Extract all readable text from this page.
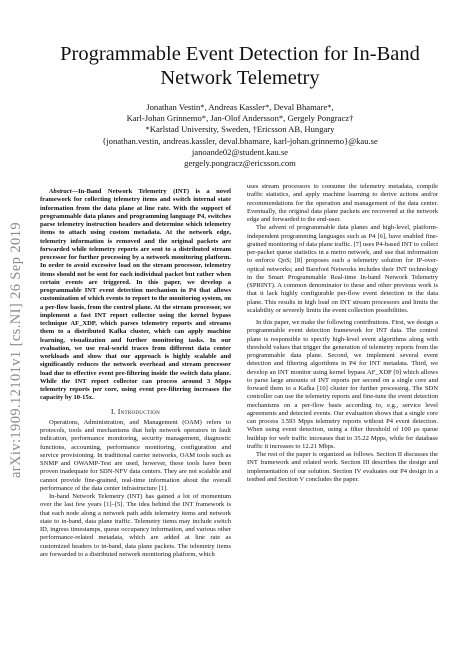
arXiv:1909.12101v1 [cs.NI] 26 Sep 2019
Programmable Event Detection for In-Band
Network Telemetry
Jonathan Vestin*, Andreas Kassler*, Deval Bhamare*,
Karl-Johan Grinnemo*, Jan-Olof Andersson*, Gergely Pongracz†
*Karlstad University, Sweden, †Ericsson AB, Hungary
{jonathan.vestin, andreas.kassler, deval.bhamare, karl-johan.grinnemo}@kau.se
janoande02@student.kau.se
gergely.pongracz@ericsson.com

Abstract—In-Band Network Telemetry (INT) is a novel framework for collecting telemetry items and switch internal state information from the data plane at line rate. With the support of programmable data planes and programming language P4, switches parse telemetry instruction headers and determine which telemetry items to attach using custom metadata. At the network edge, telemetry information is removed and the original packets are forwarded while telemetry reports are sent to a distributed stream processor for further processing by a network monitoring platform. In order to avoid excessive load on the stream processor, telemetry items should not be sent for each individual packet but rather when certain events are triggered. In this paper, we develop a programmable INT event detection mechanism in P4 that allows customization of which events to report to the monitoring system, on a per-flow basis, from the control plane. At the stream processor, we implement a fast INT report collector using the kernel bypass technique AF_XDP, which parses telemetry reports and streams them to a distributed Kafka cluster, which can apply machine learning, visualization and further monitoring tasks. In our evaluation, we use real-world traces from different data center workloads and show that our approach is highly scalable and significantly reduces the network overhead and stream processor load due to effective event pre-filtering inside the switch data plane. While the INT report collector can process around 3 Mpps telemetry reports per core, using event pre-filtering increases the capacity by 10-15x.

I. Introduction

Operations, Administration, and Management (OAM) refers to protocols, tools and mechanisms that help network operators in fault indication, performance monitoring, security management, diagnostic functions, accounting, performance monitoring, configuration and service provisioning. In traditional carrier networks, OAM tools such as SNMP and OWAMP-Test are used, however, these tools have been proven inadequate for SDN-NFV data centers. They are not scalable and cannot provide fine-grained, real-time information about the overall performance of the data center infrastructure [1].

In-band Network Telemetry (INT) has gained a lot of momentum over the last few years [1]–[5]. The idea behind the INT framework is that each node along a network path adds telemetry items and network state to in-band, data plane traffic. Telemetry items may include switch ID, ingress timestamps, queue occupancy information, and various other performance-related metadata, which are added at line rate as customized headers to in-band, data plane packets. The telemetry items are forwarded to a distributed network monitoring platform, which

uses stream processors to consume the telemetry metadata, compile traffic statistics, and apply machine learning to derive actions and/or recommendations for the operation and management of the data center. Eventually, the original data plane packets are recovered at the network edge and forwarded to the end-user.

The advent of programmable data planes and high-level, platform-independent programming languages such as P4 [6], have enabled fine-grained monitoring of data plane traffic. [7] uses P4-based INT to collect per-packet queue statistics in a metro network, and use that information to enforce QoS; [8] proposes such a telemetry solution for IP-over-optical networks; and Barefoot Networks includes their INT technology in the Smart Programmable Real-time In-band Network Telemetry (SPRINT). A common denominator to these and other previous work is that it lack highly configurable per-flow event detection in the data plane. This results in high load on INT stream processors and limits the scalability or severely limits the event collection possibilities.

In this paper, we make the following contributions. First, we design a programmable event detection framework for INT data. The control plane is responsible to specify high-level event algorithms along with threshold values that trigger the generation of telemetry reports from the programmable data plane. Second, we implement several event detection and filtering algorithms in P4 for INT metadata. Third, we develop an INT monitor using kernel bypass AF_XDP [9] which allows to parse large amounts of INT reports per second on a single core and forward them to a Kafka [10] cluster for further processing. The SDN controller can use the telemetry reports and fine-tune the event detection mechanisms on a per-flow basis according to, e.g., service level agreements and detected events. Our evaluation shows that a single core can process 3.593 Mpps telemetry reports without P4 event detection. When using event detection, using a filter threshold of 100 μs queue buildup for web traffic increases that to 35.22 Mpps, while for database traffic it increases to 12.21 Mbps.

The rest of the paper is organized as follows. Section II discusses the INT framework and related work. Section III describes the design and implementation of our solution. Section IV evaluates our P4 design in a testbed and Section V concludes the paper.
